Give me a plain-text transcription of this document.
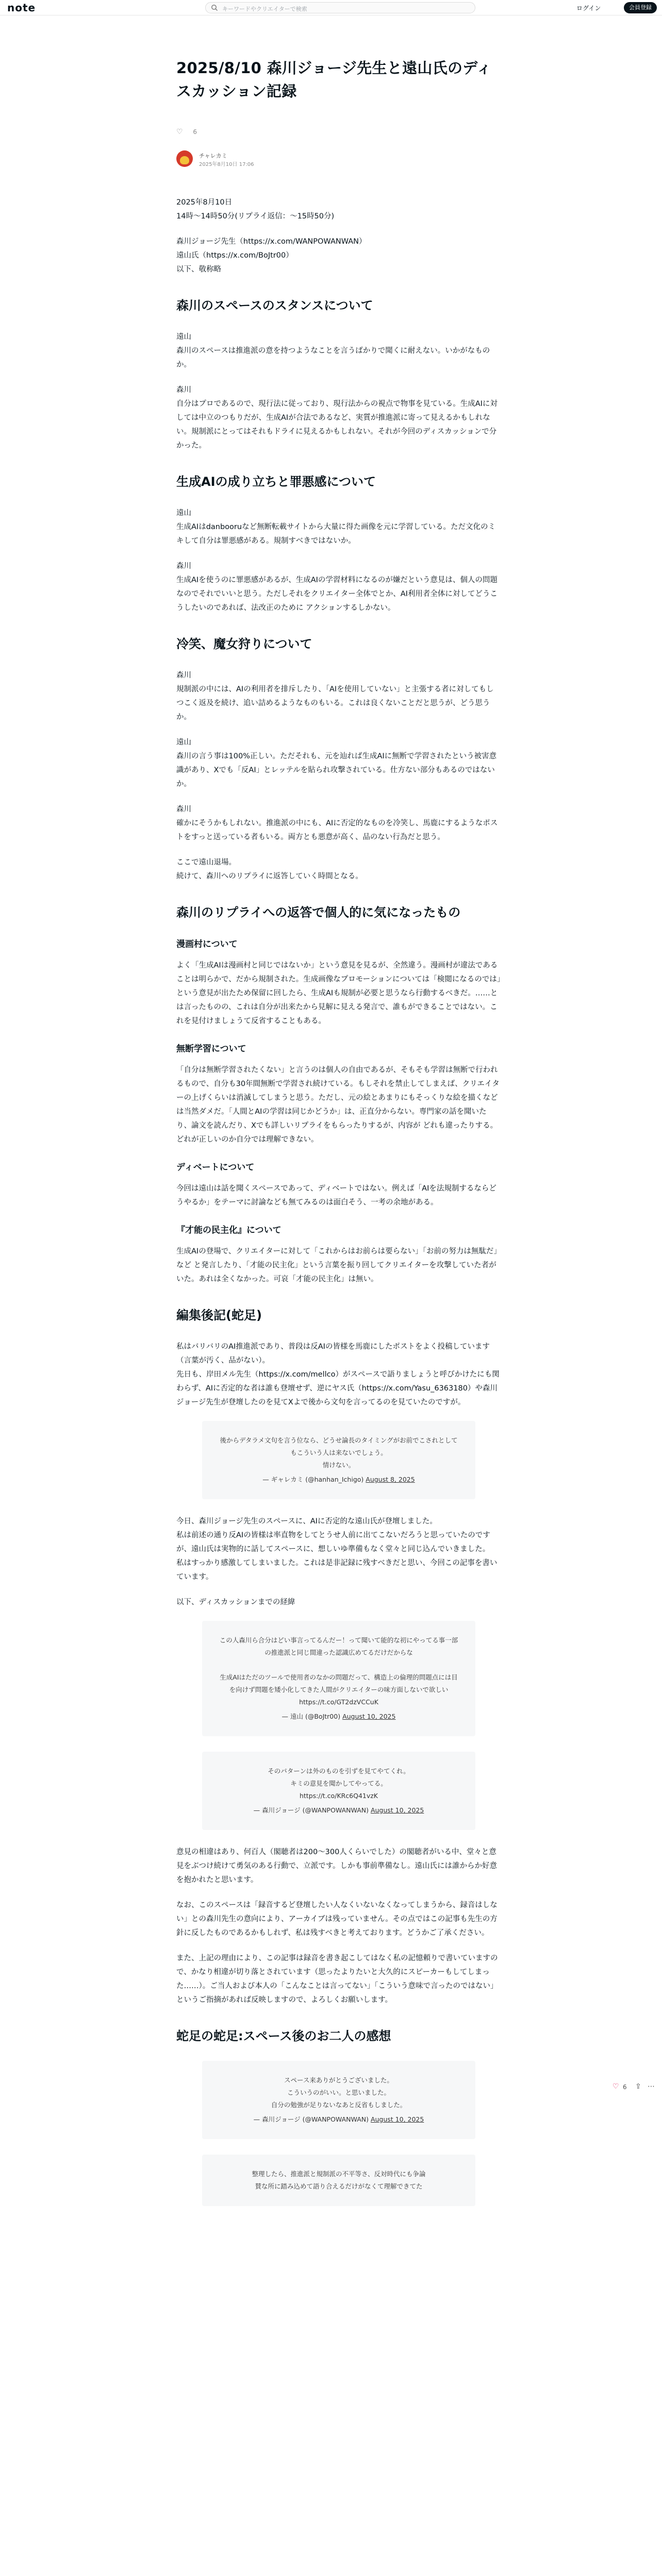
note	キーワードやクリエイターで検索	ログイン	会員登録
2025/8/10 森川ジョージ先生と遠山氏のディスカッション記録
♡ 6
チャレカミ
2025年8月10日 17:06

2025年8月10日
14時〜14時50分(リプライ返信：〜15時50分)

森川ジョージ先生（https://x.com/WANPOWANWAN）
遠山氏（https://x.com/BoJtr00）
以下、敬称略

森川のスペースのスタンスについて

遠山
森川のスペースは推進派の意を持つようなことを言うばかりで聞くに耐えない。いかがなものか。

森川
自分はプロであるので、現行法に従っており、現行法からの視点で物事を見ている。生成AIに対しては中立のつもりだが、生成AIが合法であるなど、実質が推進派に寄って見えるかもしれない。規制派にとってはそれもドライに見えるかもしれない。それが今回のディスカッションで分かった。

生成AIの成り立ちと罪悪感について

遠山
生成AIはdanbooruなど無断転載サイトから大量に得た画像を元に学習している。ただ文化のミキして自分は罪悪感がある。規制すべきではないか。

森川
生成AIを使うのに罪悪感があるが、生成AIの学習材料になるのが嫌だという意見は、個人の問題なのでそれでいいと思う。ただしそれをクリエイター全体でとか、AI利用者全体に対してどうこうしたいのであれば、法改正のために アクションするしかない。

冷笑、魔女狩りについて

森川
規制派の中には、AIの利用者を排斥したり、「AIを使用していない」と主張する者に対してもしつこく返及を続け、追い詰めるようなものもいる。これは良くないことだと思うが、どう思うか。

遠山
森川の言う事は100%正しい。ただそれも、元を辿れば生成AIに無断で学習されたという被害意識があり、Xでも「反AI」とレッテルを貼られ攻撃されている。仕方ない部分もあるのではないか。

森川
確かにそうかもしれない。推進派の中にも、AIに否定的なものを冷笑し、馬鹿にするようなポストをすっと送っている者もいる。両方とも悪意が高く、品のない行為だと思う。

ここで遠山退場。
続けて、森川へのリプライに返答していく時間となる。

森川のリプライへの返答で個人的に気になったもの
漫画村について

よく「生成AIは漫画村と同じではないか」という意見を見るが、全然違う。漫画村が違法であることは明らかで、だから規制された。生成画像なプロモーションについては「検閲になるのでは」という意見が出たため保留に回したら、生成AIも規制が必要と思うなら行動するべきだ。……とは言ったものの、これは自分が出来たから見解に見える発言で、誰もができることではない。これを見付けましょうて反省することもある。

無断学習について

「自分は無断学習されたくない」と言うのは個人の自由であるが、そもそも学習は無断で行われるもので、自分も30年間無断で学習され続けている。もしそれを禁止してしまえば、クリエイターの上げくらいは消滅してしまうと思う。ただし、元の絵とあまりにもそっくりな絵を描くなどは当然ダメだ。「人間とAIの学習は同じかどうか」は、正直分からない。専門家の話を聞いたり、論文を読んだり、Xでも詳しいリプライをもらったりするが、内容が どれも違ったりする。どれが正しいのか自分では理解できない。

ディベートについて

今回は遠山は話を聞くスペースであって、ディベートではない。例えば「AIを法規制するならどうやるか」をテーマに討論なども無てみるのは面白そう、一考の余地がある。

『才能の民主化』について

生成AIの登場で、クリエイターに対して「これからはお前らは要らない」「お前の努力は無駄だ」など と発言したり、「才能の民主化」という言葉を振り回してクリエイターを攻撃していた者がいた。あれは全くなかった。可哀「才能の民主化」は無い。

編集後記(蛇足)

私はバリバリのAI推進派であり、普段は反AIの皆様を馬鹿にしたポストをよく投稿しています（言葉が汚く、品がない）。
先日も、岸田メル先生（https://x.com/mellco）がスペースで語りましょうと呼びかけたにも関わらず、AIに否定的な者は誰も登壇せず、逆にヤス氏（https://x.com/Yasu_6363180）や森川ジョージ先生が登壇したのを見てXよで後から文句を言ってるのを見ていたのですが。

後からデタラメ文句を言う位なら、どうせ論長のタイミングがお前でこされとしてもこういう人は来ないでしょう。
情けない。
— ギャレカミ (@hanhan_Ichigo) August 8, 2025

今日、森川ジョージ先生のスペースに、AIに否定的な遠山氏が登壇しました。
私は前述の通り反AIの皆様は率直物をしてとうせ人前に出てこないだろうと思っていたのですが、遠山氏は実物的に話してスペースに、想しいゆ準備もなく堂々と同じ込んでいきました。
私はすっかり感激してしまいました。これは是非記録に残すべきだと思い、今回この記事を書いています。

以下、ディスカッションまでの経緯

この人森川ら合分はどい事言ってるんだー！って聞いて能的な初にやってる事一部の推進派と同じ間違った認識広めてるだけだからな

生成AIはただのツールで使用者のなかの問題だって、構造上の倫理的問題点には目を向けず問題を矮小化してきた人間がクリエイターの味方面しないで欲しい
https://t.co/GT2dzVCCuK
— 遠山 (@BoJtr00) August 10, 2025
そのパターンは外のものを引ずを見てやてくれ。
キミの意見を聞かしてやってる。
https://t.co/KRc6Q41vzK
— 森川ジョージ (@WANPOWANWAN) August 10, 2025

意見の相違はあり、何百人（閣聴者は200〜300人くらいでした）の閣聴者がいる中、堂々と意見をぶつけ続けて勇気のある行動で、立派です。しかも事前準備なし。遠山氏には誰からか好意を抱かれたと思います。

なお、このスペースは「録音するど登壇したい人なくいないなくなってしまうから、録音はしない」との森川先生の意向により、アーカイブは残っていません。その点ではこの記事も先生の方針に反したものであるかもしれず、私は残すべきと考えております。どうかご了承ください。

また、上記の理由により、この記事は録音を書き起こしてはなく私の記憶頼りで書いていますので、かなり相違が切り落とされています（思ったよりたいと大久的にスピーカーもしてしまった……）。ご当人および本人の「こんなことは言ってない」「こういう意味で言ったのではない」というご指摘があれば反映しますので、よろしくお願いします。

蛇足の蛇足:スペース後のお二人の感想
スペース来ありがとうございました。
こういうのがいい。と思いました。
自分の勉強が足りないなあと反省もしました。
— 森川ジョージ (@WANPOWANWAN) August 10, 2025
整理したら、推進派と規制派の不平等さ、反対時代にも争論
賛な所に踏み込めて語り合えるだけがなくて理解できてた
♡ 6 ⇪ ⋯
